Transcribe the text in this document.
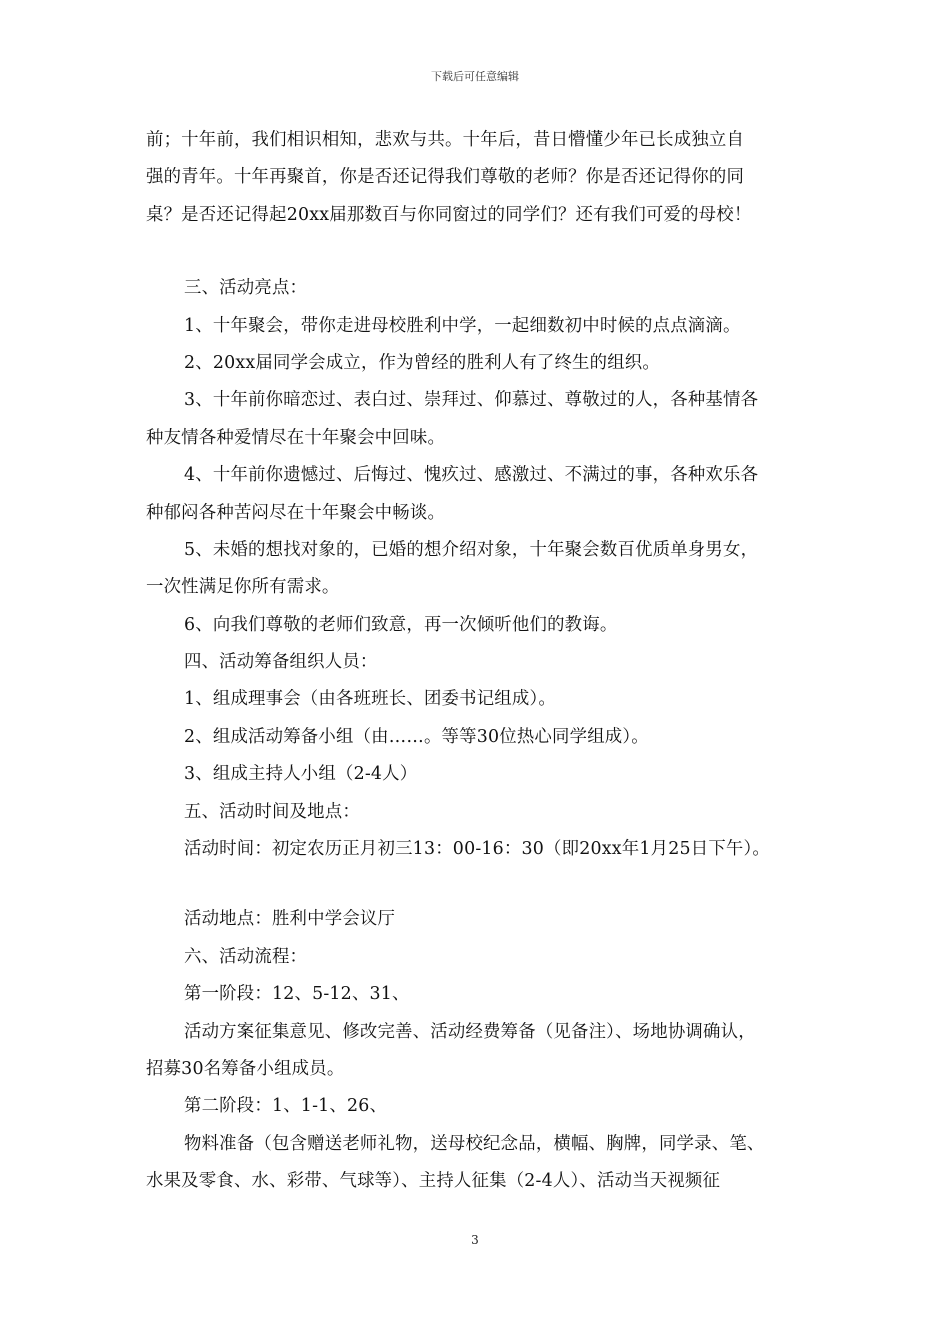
下载后可任意编辑
前；十年前，我们相识相知，悲欢与共。十年后，昔日懵懂少年已长成独立自
强的青年。十年再聚首，你是否还记得我们尊敬的老师？你是否还记得你的同
桌？是否还记得起20xx届那数百与你同窗过的同学们？还有我们可爱的母校！
三、活动亮点：
1、十年聚会，带你走进母校胜利中学，一起细数初中时候的点点滴滴。
2、20xx届同学会成立，作为曾经的胜利人有了终生的组织。
3、十年前你暗恋过、表白过、崇拜过、仰慕过、尊敬过的人，各种基情各
种友情各种爱情尽在十年聚会中回味。
4、十年前你遗憾过、后悔过、愧疚过、感激过、不满过的事，各种欢乐各
种郁闷各种苦闷尽在十年聚会中畅谈。
5、未婚的想找对象的，已婚的想介绍对象，十年聚会数百优质单身男女，
一次性满足你所有需求。
6、向我们尊敬的老师们致意，再一次倾听他们的教诲。
四、活动筹备组织人员：
1、组成理事会（由各班班长、团委书记组成）。
2、组成活动筹备小组（由……。等等30位热心同学组成）。
3、组成主持人小组（2-4人）
五、活动时间及地点：
活动时间：初定农历正月初三13：00-16：30（即20xx年1月25日下午）。
活动地点：胜利中学会议厅
六、活动流程：
第一阶段：12、5-12、31、
活动方案征集意见、修改完善、活动经费筹备（见备注）、场地协调确认，
招募30名筹备小组成员。
第二阶段：1、1-1、26、
物料准备（包含赠送老师礼物，送母校纪念品，横幅、胸牌，同学录、笔、
水果及零食、水、彩带、气球等）、主持人征集（2-4人）、活动当天视频征
3
